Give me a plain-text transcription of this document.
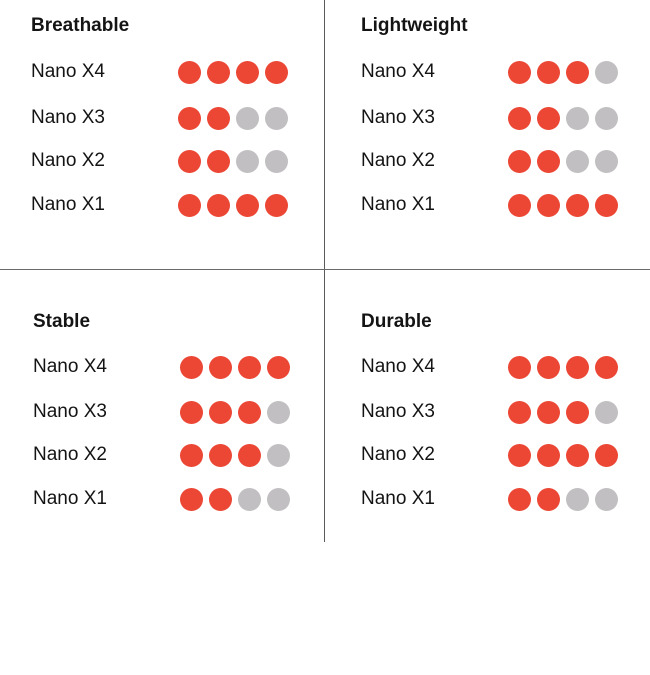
Breathable
Nano X4
Nano X3
Nano X2
Nano X1
Lightweight
Nano X4
Nano X3
Nano X2
Nano X1
Stable
Nano X4
Nano X3
Nano X2
Nano X1
Durable
Nano X4
Nano X3
Nano X2
Nano X1
